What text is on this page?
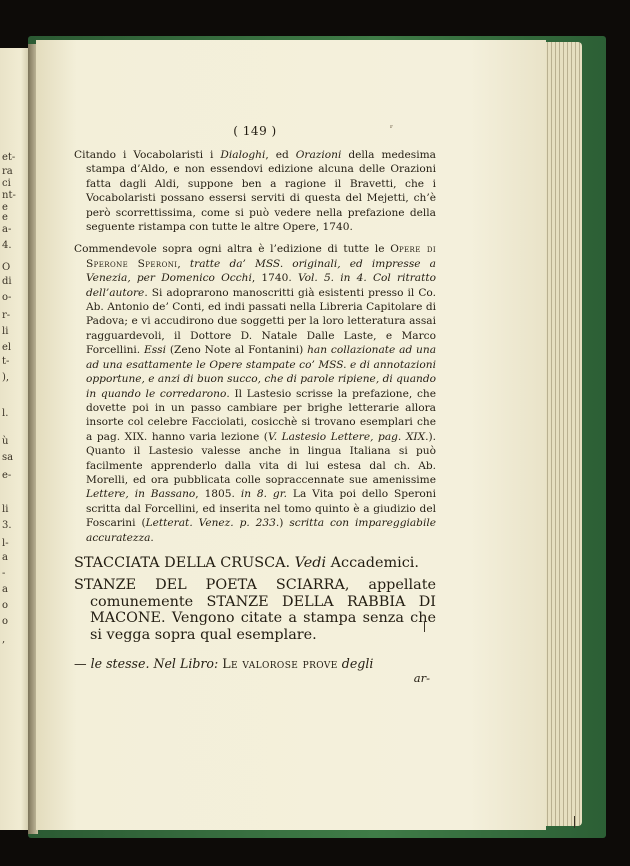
et-
ra
ci
nt-
e
e
a-
4.
O
di
o-
r-
li
el
t-
),
l.
ù
sa
e-
li
3.
l-
a
-
a
o
o
,
ʳ

( 149 )

Citando i Vocabolaristi i Dialoghi, ed Orazioni della medesima stampa d’Aldo, e non essendovi edizione alcuna delle Orazioni fatta dagli Aldi, suppone ben a ragione il Bravetti, che i Vocabolaristi possano essersi serviti di questa del Mejetti, ch’è però scorrettissima, come si può vedere nella prefazione della seguente ristampa con tutte le altre Opere, 1740.

Commendevole sopra ogni altra è l’edizione di tutte le Opere di Sperone Speroni, tratte da’ MSS. originali, ed impresse a Venezia, per Domenico Occhi, 1740. Vol. 5. in 4. Col ritratto dell’autore. Si adoprarono manoscritti già esistenti presso il Co. Ab. Antonio de’ Conti, ed indi passati nella Libreria Capitolare di Padova; e vi accudirono due soggetti per la loro letteratura assai ragguardevoli, il Dottore D. Natale Dalle Laste, e Marco Forcellini. Essi (Zeno Note al Fontanini) han collazionate ad una ad una esattamente le Opere stampate co’ MSS. e di annotazioni opportune, e anzi di buon succo, che di parole ripiene, di quando in quando le corredarono. Il Lastesio scrisse la prefazione, che dovette poi in un passo cambiare per brighe letterarie allora insorte col celebre Facciolati, cosicchè si trovano esemplari che a pag. XIX. hanno varia lezione (V. Lastesio Lettere, pag. XIX.). Quanto il Lastesio valesse anche in lingua Italiana si può facilmente apprenderlo dalla vita di lui estesa dal ch. Ab. Morelli, ed ora pubblicata colle sopraccennate sue amenissime Lettere, in Bassano, 1805. in 8. gr. La Vita poi dello Speroni scritta dal Forcellini, ed inserita nel tomo quinto è a giudizio del Foscarini (Letterat. Venez. p. 233.) scritta con impareggiabile accuratezza.

STACCIATA DELLA CRUSCA. Vedi Accademici.

STANZE DEL POETA SCIARRA, appellate comunemente STANZE DELLA RABBIA DI MACONE. Vengono citate a stampa senza che si vegga sopra qual esemplare.

— le stesse. Nel Libro: Le valorose prove degli

ar-
